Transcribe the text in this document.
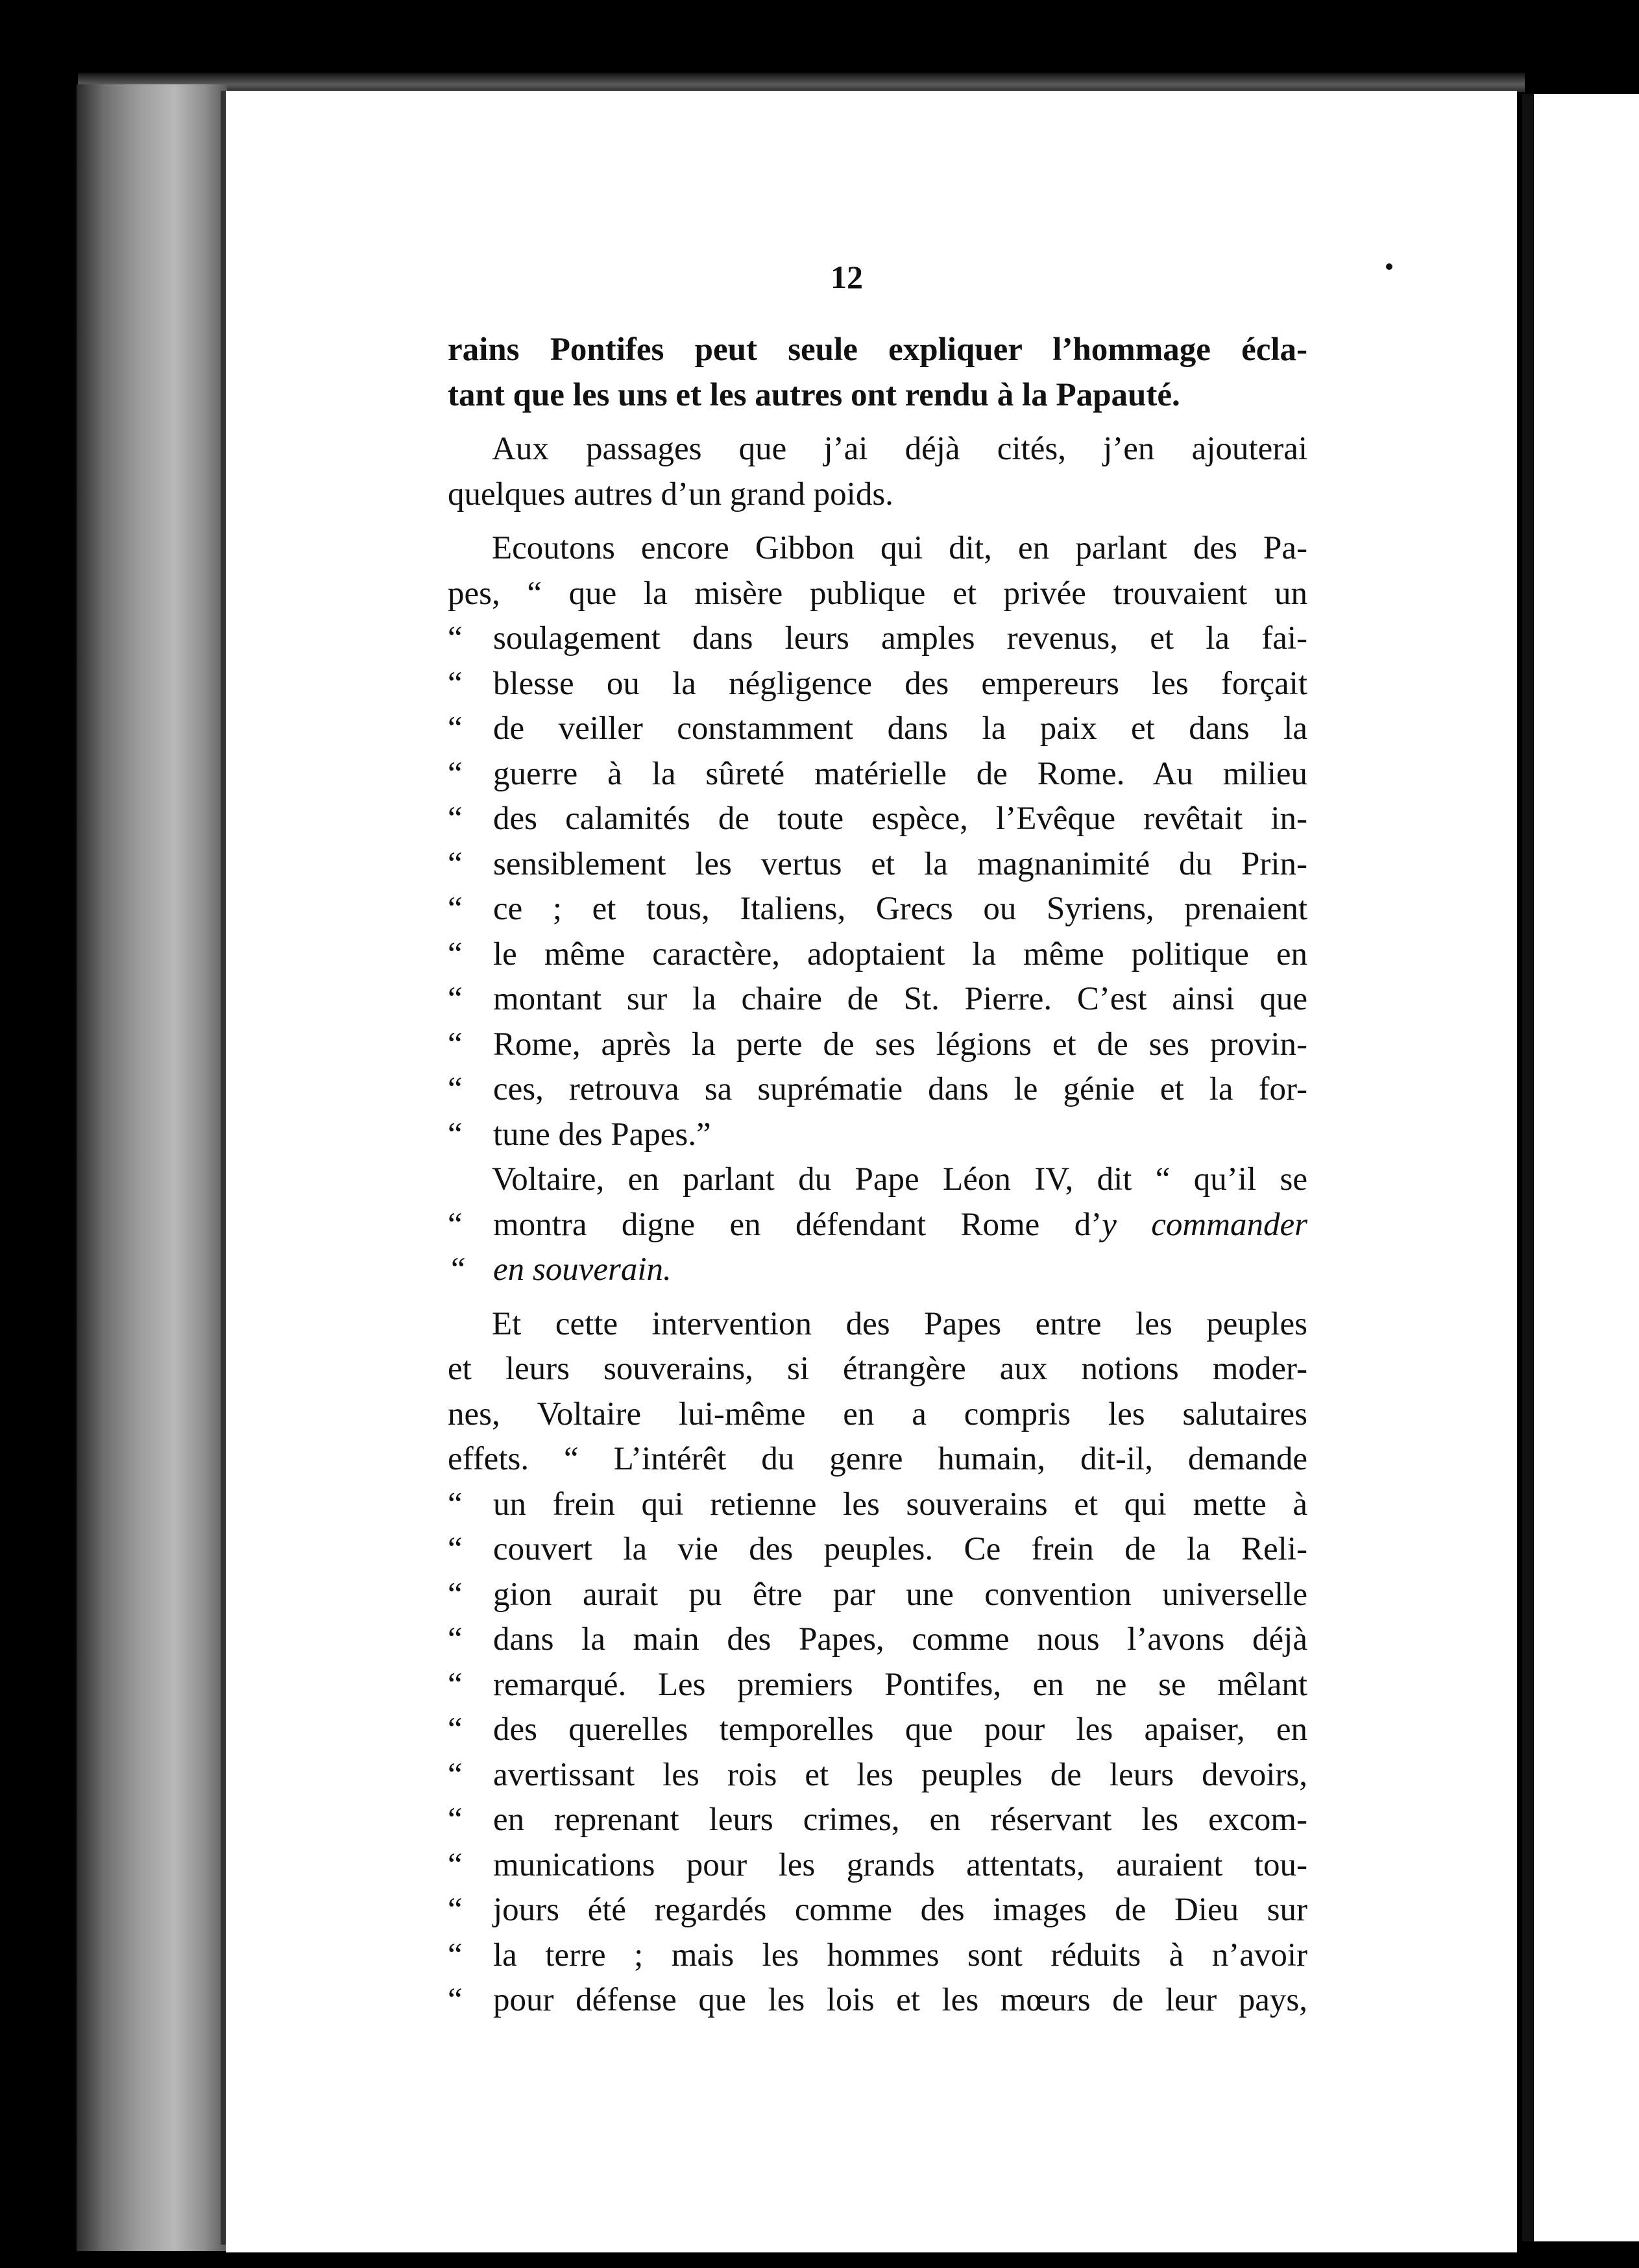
12
rains Pontifes peut seule expliquer l’hommage écla-
tant que les uns et les autres ont rendu à la Papauté.
Aux passages que j’ai déjà cités, j’en ajouterai
quelques autres d’un grand poids.
Ecoutons encore Gibbon qui dit, en parlant des Pa-
pes, “ que la misère publique et privée trouvaient un
“ soulagement dans leurs amples revenus, et la fai-
“ blesse ou la négligence des empereurs les forçait
“ de veiller constamment dans la paix et dans la
“ guerre à la sûreté matérielle de Rome. Au milieu
“ des calamités de toute espèce, l’Evêque revêtait in-
“ sensiblement les vertus et la magnanimité du Prin-
“ ce ; et tous, Italiens, Grecs ou Syriens, prenaient
“ le même caractère, adoptaient la même politique en
“ montant sur la chaire de St. Pierre. C’est ainsi que
“ Rome, après la perte de ses légions et de ses provin-
“ ces, retrouva sa suprématie dans le génie et la for-
“ tune des Papes.”
Voltaire, en parlant du Pape Léon IV, dit “ qu’il se
“ montra digne en défendant Rome d’y commander
“ en souverain.
Et cette intervention des Papes entre les peuples
et leurs souverains, si étrangère aux notions moder-
nes, Voltaire lui-même en a compris les salutaires
effets. “ L’intérêt du genre humain, dit-il, demande
“ un frein qui retienne les souverains et qui mette à
“ couvert la vie des peuples. Ce frein de la Reli-
“ gion aurait pu être par une convention universelle
“ dans la main des Papes, comme nous l’avons déjà
“ remarqué. Les premiers Pontifes, en ne se mêlant
“ des querelles temporelles que pour les apaiser, en
“ avertissant les rois et les peuples de leurs devoirs,
“ en reprenant leurs crimes, en réservant les excom-
“ munications pour les grands attentats, auraient tou-
“ jours été regardés comme des images de Dieu sur
“ la terre ; mais les hommes sont réduits à n’avoir
“ pour défense que les lois et les mœurs de leur pays,
